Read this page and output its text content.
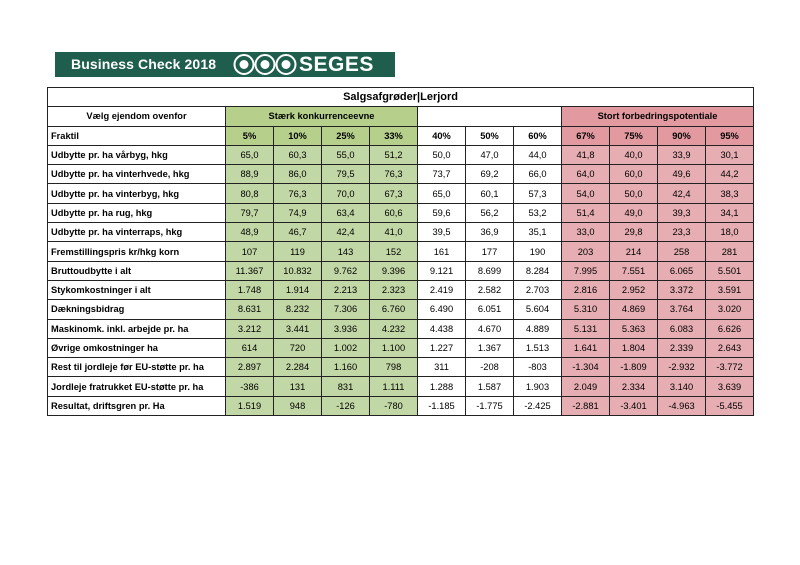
Business Check 2018	SEGES
Salgsafgrøder|Lerjord											
Vælg ejendom ovenfor	Stærk konkurrenceevne							Stort forbedringspotentiale			
Fraktil	5%	10%	25%	33%	40%	50%	60%	67%	75%	90%	95%
Udbytte pr. ha vårbyg, hkg	65,0	60,3	55,0	51,2	50,0	47,0	44,0	41,8	40,0	33,9	30,1
Udbytte pr. ha vinterhvede, hkg	88,9	86,0	79,5	76,3	73,7	69,2	66,0	64,0	60,0	49,6	44,2
Udbytte pr. ha vinterbyg, hkg	80,8	76,3	70,0	67,3	65,0	60,1	57,3	54,0	50,0	42,4	38,3
Udbytte pr. ha rug, hkg	79,7	74,9	63,4	60,6	59,6	56,2	53,2	51,4	49,0	39,3	34,1
Udbytte pr. ha vinterraps, hkg	48,9	46,7	42,4	41,0	39,5	36,9	35,1	33,0	29,8	23,3	18,0
Fremstillingspris kr/hkg korn	107	119	143	152	161	177	190	203	214	258	281
Bruttoudbytte i alt	11.367	10.832	9.762	9.396	9.121	8.699	8.284	7.995	7.551	6.065	5.501
Stykomkostninger i alt	1.748	1.914	2.213	2.323	2.419	2.582	2.703	2.816	2.952	3.372	3.591
Dækningsbidrag	8.631	8.232	7.306	6.760	6.490	6.051	5.604	5.310	4.869	3.764	3.020
Maskinomk. inkl. arbejde pr. ha	3.212	3.441	3.936	4.232	4.438	4.670	4.889	5.131	5.363	6.083	6.626
Øvrige omkostninger ha	614	720	1.002	1.100	1.227	1.367	1.513	1.641	1.804	2.339	2.643
Rest til jordleje før EU-støtte pr. ha	2.897	2.284	1.160	798	311	-208	-803	-1.304	-1.809	-2.932	-3.772
Jordleje fratrukket EU-støtte pr. ha	-386	131	831	1.111	1.288	1.587	1.903	2.049	2.334	3.140	3.639
Resultat, driftsgren pr. Ha	1.519	948	-126	-780	-1.185	-1.775	-2.425	-2.881	-3.401	-4.963	-5.455
